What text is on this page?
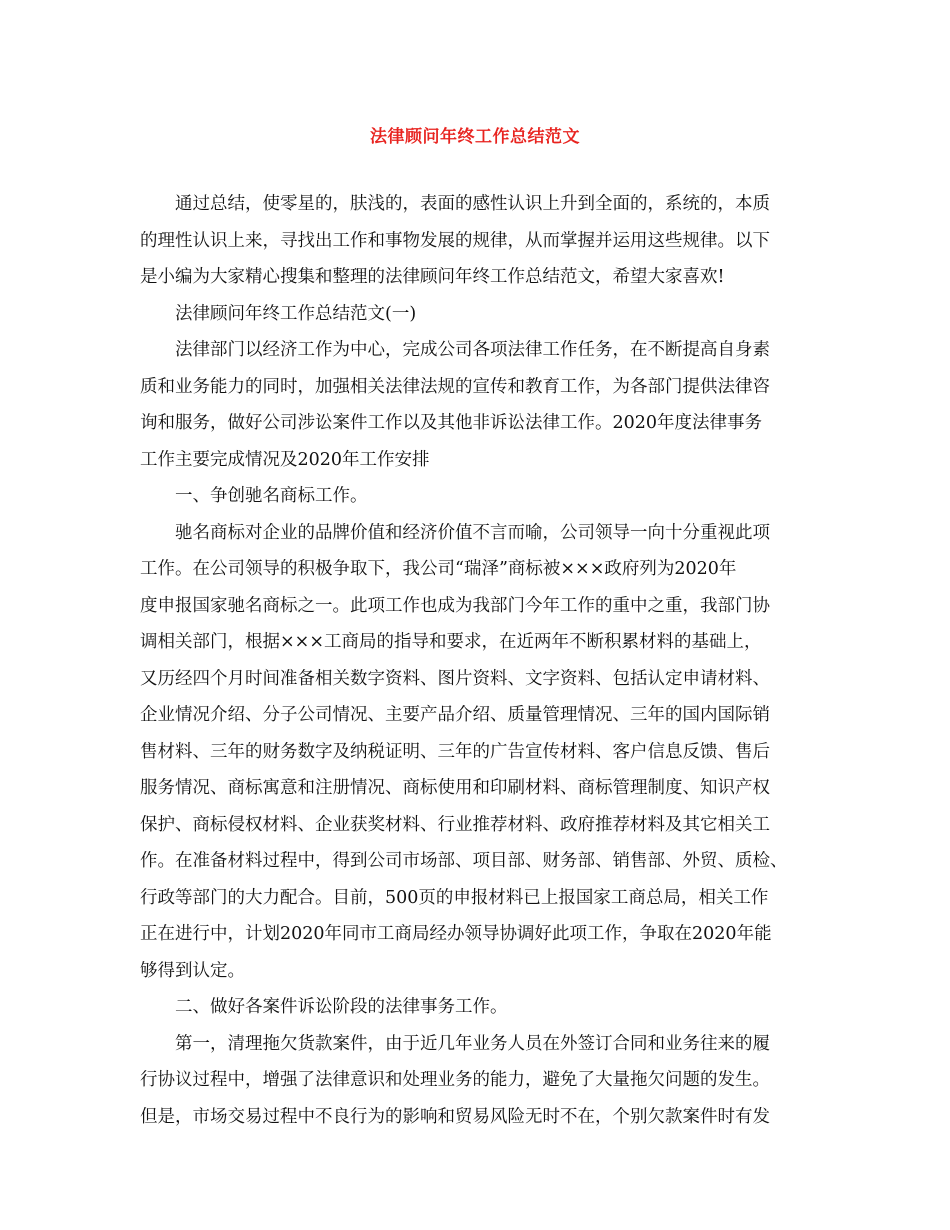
法律顾问年终工作总结范文
通过总结，使零星的，肤浅的，表面的感性认识上升到全面的，系统的，本质
的理性认识上来，寻找出工作和事物发展的规律，从而掌握并运用这些规律。以下
是小编为大家精心搜集和整理的法律顾问年终工作总结范文，希望大家喜欢!
法律顾问年终工作总结范文(一)
法律部门以经济工作为中心，完成公司各项法律工作任务，在不断提高自身素
质和业务能力的同时，加强相关法律法规的宣传和教育工作，为各部门提供法律咨
询和服务，做好公司涉讼案件工作以及其他非诉讼法律工作。2020年度法律事务
工作主要完成情况及2020年工作安排
一、争创驰名商标工作。
驰名商标对企业的品牌价值和经济价值不言而喻，公司领导一向十分重视此项
工作。在公司领导的积极争取下，我公司“瑞泽”商标被×××政府列为2020年
度申报国家驰名商标之一。此项工作也成为我部门今年工作的重中之重，我部门协
调相关部门，根据×××工商局的指导和要求，在近两年不断积累材料的基础上，
又历经四个月时间准备相关数字资料、图片资料、文字资料、包括认定申请材料、
企业情况介绍、分子公司情况、主要产品介绍、质量管理情况、三年的国内国际销
售材料、三年的财务数字及纳税证明、三年的广告宣传材料、客户信息反馈、售后
服务情况、商标寓意和注册情况、商标使用和印刷材料、商标管理制度、知识产权
保护、商标侵权材料、企业获奖材料、行业推荐材料、政府推荐材料及其它相关工
作。在准备材料过程中，得到公司市场部、项目部、财务部、销售部、外贸、质检、
行政等部门的大力配合。目前，500页的申报材料已上报国家工商总局，相关工作
正在进行中，计划2020年同市工商局经办领导协调好此项工作，争取在2020年能
够得到认定。
二、做好各案件诉讼阶段的法律事务工作。
第一，清理拖欠货款案件，由于近几年业务人员在外签订合同和业务往来的履
行协议过程中，增强了法律意识和处理业务的能力，避免了大量拖欠问题的发生。
但是，市场交易过程中不良行为的影响和贸易风险无时不在，个别欠款案件时有发
